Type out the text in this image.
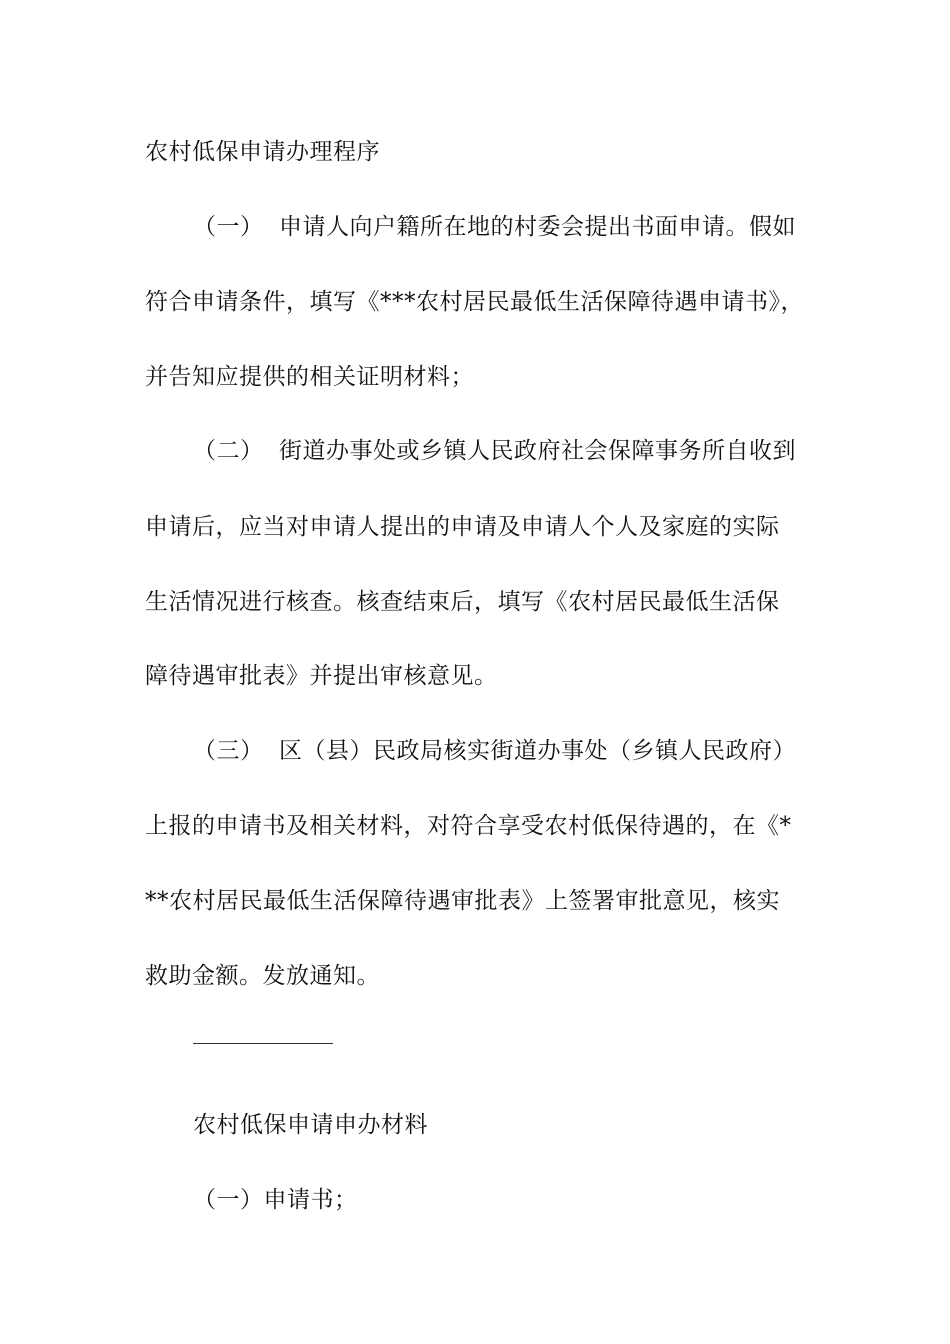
农村低保申请办理程序
（一） 申请人向户籍所在地的村委会提出书面申请。假如
符合申请条件，填写《***农村居民最低生活保障待遇申请书》，
并告知应提供的相关证明材料；
（二） 街道办事处或乡镇人民政府社会保障事务所自收到
申请后，应当对申请人提出的申请及申请人个人及家庭的实际
生活情况进行核查。核查结束后，填写《农村居民最低生活保
障待遇审批表》并提出审核意见。
（三） 区（县）民政局核实街道办事处（乡镇人民政府）
上报的申请书及相关材料，对符合享受农村低保待遇的，在《*
**农村居民最低生活保障待遇审批表》上签署审批意见，核实
救助金额。发放通知。
农村低保申请申办材料
（一）申请书；
